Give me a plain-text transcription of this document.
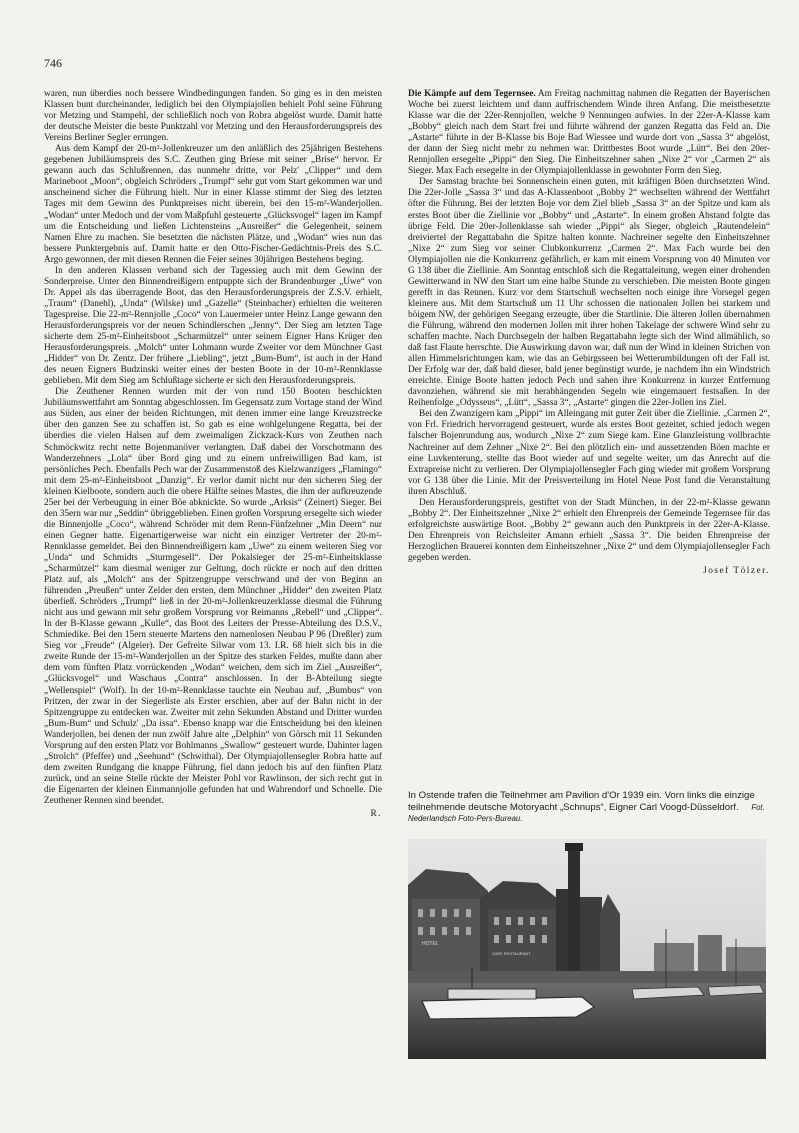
746

waren, nun überdies noch bessere Windbedingungen fanden. So ging es in den meisten Klassen bunt durcheinander, lediglich bei den Olympiajollen behielt Pohl seine Führung vor Metzing und Stampehl, der schließlich noch von Robra abgelöst wurde. Damit hatte der deutsche Meister die beste Punktzahl vor Metzing und den Herausforderungspreis des Vereins Berliner Segler errungen.

Aus dem Kampf der 20-m²-Jollenkreuzer um den anläßlich des 25jährigen Bestehens gegebenen Jubiläumspreis des S.C. Zeuthen ging Briese mit seiner „Brise“ hervor. Er gewann auch das Schlußrennen, das nunmehr dritte, vor Pelz' „Clipper“ und dem Marineboot „Moon“, obgleich Schröders „Trumpf“ sehr gut vom Start gekommen war und anscheinend sicher die Führung hielt. Nur in einer Klasse stimmt der Sieg des letzten Tages mit dem Gewinn des Punktpreises nicht überein, bei den 15-m²-Wanderjollen. „Wodan“ unter Medoch und der vom Maßpfuhl gesteuerte „Glücksvogel“ lagen im Kampf um die Entscheidung und ließen Lichtensteins „Ausreißer“ die Gelegenheit, seinem Namen Ehre zu machen. Sie besetzten die nächsten Plätze, und „Wodan“ wies nun das bessere Punktergebnis auf. Damit hatte er den Otto-Fischer-Gedächtnis-Preis des S.C. Argo gewonnen, der mit diesen Rennen die Feier seines 30jährigen Bestehens beging.

In den anderen Klassen verband sich der Tagessieg auch mit dem Gewinn der Sonderpreise. Unter den Binnendreißigern entpuppte sich der Brandenburger „Uwe“ von Dr. Appel als das überragende Boot, das den Herausforderungspreis der Z.S.V. erhielt, „Traum“ (Danehl), „Unda“ (Wilske) und „Gazelle“ (Steinbacher) erhielten die weiteren Tagespreise. Die 22-m²-Rennjolle „Coco“ von Lauermeier unter Heinz Lange gewann den Herausforderungspreis vor der neuen Schindlerschen „Jenny“. Der Sieg am letzten Tage sicherte dem 25-m²-Einheitsboot „Scharmützel“ unter seinem Eigner Hans Krüger den Herausforderungspreis. „Molch“ unter Lohmann wurde Zweiter vor dem Münchner Gast „Hidder“ von Dr. Zentz. Der frühere „Liebling“, jetzt „Bum-Bum“, ist auch in der Hand des neuen Eigners Budzinski weiter eines der besten Boote in der 10-m²-Rennklasse geblieben. Mit dem Sieg am Schlußtage sicherte er sich den Herausforderungspreis.

Die Zeuthener Rennen wurden mit der von rund 150 Booten beschickten Jubiläumswettfahrt am Sonntag abgeschlossen. Im Gegensatz zum Vortage stand der Wind aus Süden, aus einer der beiden Richtungen, mit denen immer eine lange Kreuzstrecke über den ganzen See zu schaffen ist. So gab es eine wohlgelungene Regatta, bei der überdies die vielen Halsen auf dem zweimaligen Zickzack-Kurs von Zeuthen nach Schmöckwitz recht nette Bojenmanöver verlangten. Daß dabei der Vorschotmann des Wanderzehners „Lola“ über Bord ging und zu einem unfreiwilligen Bad kam, ist persönliches Pech. Ebenfalls Pech war der Zusammenstoß des Kielzwanzigers „Flamingo“ mit dem 25-m²-Einheitsboot „Danzig“. Er verlor damit nicht nur den sicheren Sieg der kleinen Kielboote, sondern auch die obere Hälfte seines Mastes, die ihm der aufkreuzende 25er bei der Verbeugung in einer Böe abknickte. So wurde „Arksis“ (Zeinert) Sieger. Bei den 35ern war nur „Seddin“ übriggeblieben. Einen großen Vorsprung ersegelte sich wieder die Binnenjolle „Coco“, während Schröder mit dem Renn-Fünfzehner „Min Deern“ nur einen Gegner hatte. Eigenartigerweise war nicht ein einziger Vertreter der 20-m²-Rennklasse gemeldet. Bei den Binnendreißigern kam „Uwe“ zu einem weiteren Sieg vor „Unda“ und Schmidts „Sturmgesell“. Der Pokalsieger der 25-m²-Einheitsklasse „Scharmützel“ kam diesmal weniger zur Geltung, doch rückte er noch auf den dritten Platz auf, als „Molch“ aus der Spitzengruppe verschwand und der von Beginn an führenden „Preußen“ unter Zelder den ersten, dem Münchner „Hidder“ den zweiten Platz überließ. Schröders „Trumpf“ ließ in der 20-m²-Jollenkreuzerklasse diesmal die Führung nicht aus und gewann mit sehr großem Vorsprung vor Reimanns „Rebell“ und „Clipper“. In der B-Klasse gewann „Kulle“, das Boot des Leiters der Presse-Abteilung des D.S.V., Schmiedike. Bei den 15ern steuerte Martens den namenlosen Neubau P 96 (Dreßler) zum Sieg vor „Freude“ (Algeier). Der Gefreite Silwar vom 13. I.R. 68 hielt sich bis in die zweite Runde der 15-m²-Wanderjollen an der Spitze des starken Feldes, mußte dann aber dem vom fünften Platz vorrückenden „Wodan“ weichen, dem sich im Ziel „Ausreißer“, „Glücksvogel“ und Waschaus „Contra“ anschlossen. In der B-Abteilung siegte „Wellenspiel“ (Wolf). In der 10-m²-Rennklasse tauchte ein Neubau auf, „Bumbus“ von Pritzen, der zwar in der Siegerliste als Erster erschien, aber auf der Bahn nicht in der Spitzengruppe zu entdecken war. Zweiter mit zehn Sekunden Abstand und Dritter wurden „Bum-Bum“ und Schulz' „Da issa“. Ebenso knapp war die Entscheidung bei den kleinen Wanderjollen, bei denen der nun zwölf Jahre alte „Delphin“ von Görsch mit 11 Sekunden Vorsprung auf den ersten Platz vor Bohlmanns „Swallow“ gesteuert wurde. Dahinter lagen „Strolch“ (Pfeffer) und „Seehund“ (Schwithal). Der Olympiajollensegler Robra hatte auf dem zweiten Rundgang die knappe Führung, fiel dann jedoch bis auf den fünften Platz zurück, und an seine Stelle rückte der Meister Pohl vor Rawlinson, der sich recht gut in die Eigenarten der kleinen Einmannjolle gefunden hat und Wahrendorf und Schnelle. Die Zeuthener Rennen sind beendet.

R.

Die Kämpfe auf dem Tegernsee. Am Freitag nachmittag nahmen die Regatten der Bayerischen Woche bei zuerst leichtem und dann auffrischendem Winde ihren Anfang. Die meistbesetzte Klasse war die der 22er-Rennjollen, welche 9 Nennungen aufwies. In der 22er-A-Klasse kam „Bobby“ gleich nach dem Start frei und führte während der ganzen Regatta das Feld an. Die „Astarte“ führte in der B-Klasse bis Boje Bad Wiessee und wurde dort von „Sassa 3“ abgelöst, der dann der Sieg nicht mehr zu nehmen war. Drittbestes Boot wurde „Lütt“. Bei den 20er-Rennjollen ersegelte „Pippi“ den Sieg. Die Einheitszehner sahen „Nixe 2“ vor „Carmen 2“ als Sieger. Max Fach ersegelte in der Olympiajollenklasse in gewohnter Form den Sieg.

Der Samstag brachte bei Sonnenschein einen guten, mit kräftigen Böen durchsetzten Wind. Die 22er-Jolle „Sassa 3“ und das A-Klassenboot „Bobby 2“ wechselten während der Wettfahrt öfter die Führung. Bei der letzten Boje vor dem Ziel blieb „Sassa 3“ an der Spitze und kam als erstes Boot über die Ziellinie vor „Bobby“ und „Astarte“. In einem großen Abstand folgte das übrige Feld. Die 20er-Jollenklasse sah wieder „Pippi“ als Sieger, obgleich „Rautendelein“ dreiviertel der Regattabahn die Spitze halten konnte. Nachreiner segelte den Einheitszehner „Nixe 2“ zum Sieg vor seiner Clubkonkurrenz „Carmen 2“. Max Fach wurde bei den Olympiajollen nie die Konkurrenz gefährlich, er kam mit einem Vorsprung von 40 Minuten vor G 138 über die Ziellinie. Am Sonntag entschloß sich die Regattaleitung, wegen einer drohenden Gewitterwand in NW den Start um eine halbe Stunde zu verschieben. Die meisten Boote gingen gerefft in das Rennen. Kurz vor dem Startschuß wechselten noch einige ihre Vorsegel gegen kleinere aus. Mit dem Startschuß um 11 Uhr schossen die nationalen Jollen bei starkem und böigem NW, der gehörigen Seegang erzeugte, über die Startlinie. Die älteren Jollen übernahmen die Führung, während den modernen Jollen mit ihrer hohen Takelage der schwere Wind sehr zu schaffen machte. Nach Durchsegeln der halben Regattabahn legte sich der Wind allmählich, so daß fast Flaute herrschte. Die Auswirkung davon war, daß nun der Wind in kleinen Strichen von allen Himmelsrichtungen kam, wie das an Gebirgsseen bei Wetterumbildungen oft der Fall ist. Der Erfolg war der, daß bald dieser, bald jener begünstigt wurde, je nachdem ihn ein Windstrich erreichte. Einige Boote hatten jedoch Pech und sahen ihre Konkurrenz in kurzer Entfernung davonziehen, während sie mit herabhängenden Segeln wie eingemauert festsaßen. In der Reihenfolge „Odysseus“, „Lütt“, „Sassa 3“, „Astarte“ gingen die 22er-Jollen ins Ziel.

Bei den Zwanzigern kam „Pippi“ im Alleingang mit guter Zeit über die Ziellinie. „Carmen 2“, von Frl. Friedrich hervorragend gesteuert, wurde als erstes Boot gezeitet, schied jedoch wegen falscher Bojenrundung aus, wodurch „Nixe 2“ zum Siege kam. Eine Glanzleistung vollbrachte Nachreiner auf dem Zehner „Nixe 2“. Bei den plötzlich ein- und aussetzenden Böen machte er eine Luvkenterung, stellte das Boot wieder auf und segelte weiter, um das Anrecht auf die Extrapreise nicht zu verlieren. Der Olympiajollensegler Fach ging wieder mit großem Vorsprung vor G 138 über die Linie. Mit der Preisverteilung im Hotel Neue Post fand die Veranstaltung ihren Abschluß.

Den Herausforderungspreis, gestiftet von der Stadt München, in der 22-m²-Klasse gewann „Bobby 2“. Der Einheitszehner „Nixe 2“ erhielt den Ehrenpreis der Gemeinde Tegernsee für das erfolgreichste auswärtige Boot. „Bobby 2“ gewann auch den Punktpreis in der 22er-A-Klasse. Den Ehrenpreis von Reichsleiter Amann erhielt „Sassa 3“. Die beiden Ehrenpreise der Herzoglichen Brauerei konnten dem Einheitszehner „Nixe 2“ und dem Olympiajollensegler Fach gegeben werden.

Josef Tölzer.
In Ostende trafen die Teilnehmer am Pavilion d'Or 1939 ein. Vorn links die einzige teilnehmende deutsche Motoryacht „Schnups“, Eigner Carl Voogd-Düsseldorf. Fot. Nederlandsch Foto-Pers-Bureau.
HOTEL
CAFE RESTAURANT
